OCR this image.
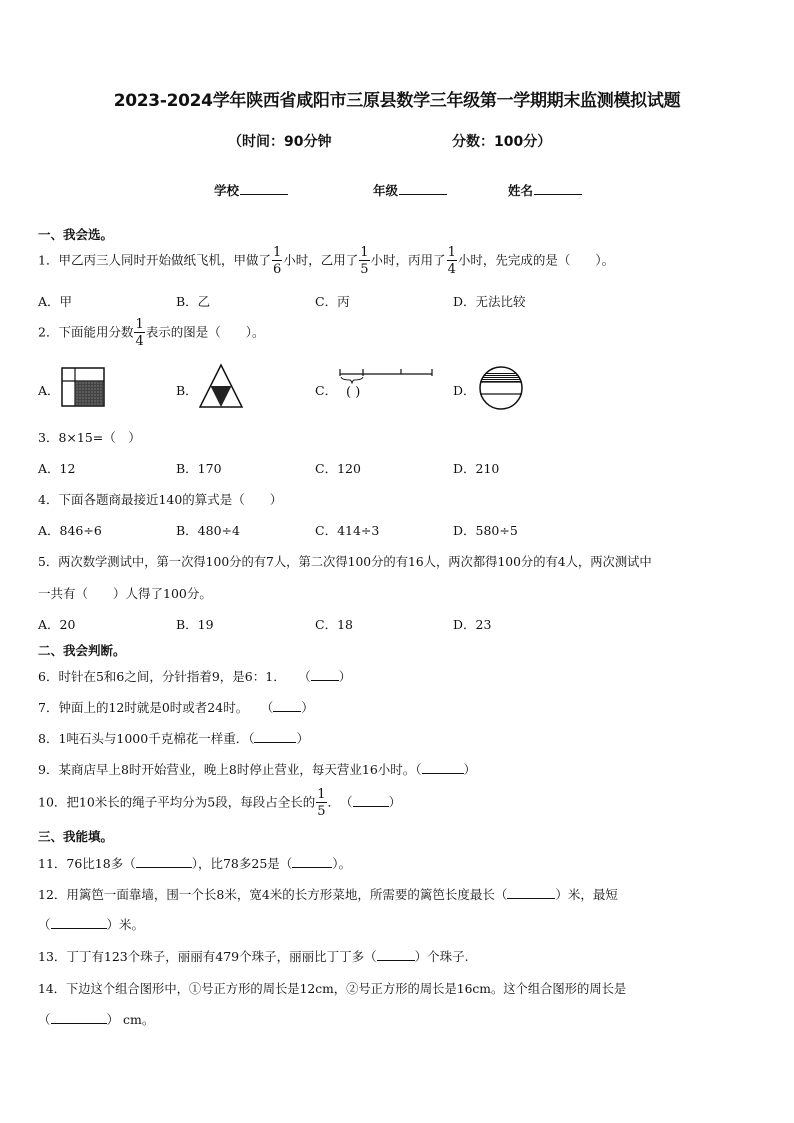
2023-2024学年陕西省咸阳市三原县数学三年级第一学期期末监测模拟试题
（时间：90分钟	分数：100分）
学校	年级	姓名
一、我会选。
1．甲乙丙三人同时开始做纸飞机，甲做了 $\frac{1}{6}$ 小时，乙用了 $\frac{1}{5}$ 小时，丙用了 $\frac{1}{4}$ 小时，先完成的是（　　）。
A．甲	B．乙	C．丙	D．无法比较
2．下面能用分数 $\frac{1}{4}$ 表示的图是（　　）。
A．	B．	C． ( )	D．
3．8×15=（　）
A．12	B．170	C．120	D．210
4．下面各题商最接近140的算式是（　　）
A．846÷6	B．480÷4	C．414÷3	D．580÷5
5．两次数学测试中，第一次得100分的有7人，第二次得100分的有16人，两次都得100分的有4人，两次测试中
一共有（　　）人得了100分。
A．20	B．19	C．18	D．23
二、我会判断。
6．时针在5和6之间，分针指着9，是6：1．　　（ ）
7．钟面上的12时就是0时或者24时。　　（ ）
8．1吨石头与1000千克棉花一样重．（	）
9．某商店早上8时开始营业，晚上8时停止营业，每天营业16小时。（	）
10．把10米长的绳子平均分为5段，每段占全长的 $\frac{1}{5}$ ．　（	）
三、我能填。
11．76比18多（	），比78多25是（	）。
12．用篱笆一面靠墙，围一个长8米，宽4米的长方形菜地，所需要的篱笆长度最长（	）米，最短
（	）米。
13．丁丁有123个珠子，丽丽有479个珠子，丽丽比丁丁多（	）个珠子.
14．下边这个组合图形中，①号正方形的周长是12cm，②号正方形的周长是16cm。这个组合图形的周长是
（	） cm。
